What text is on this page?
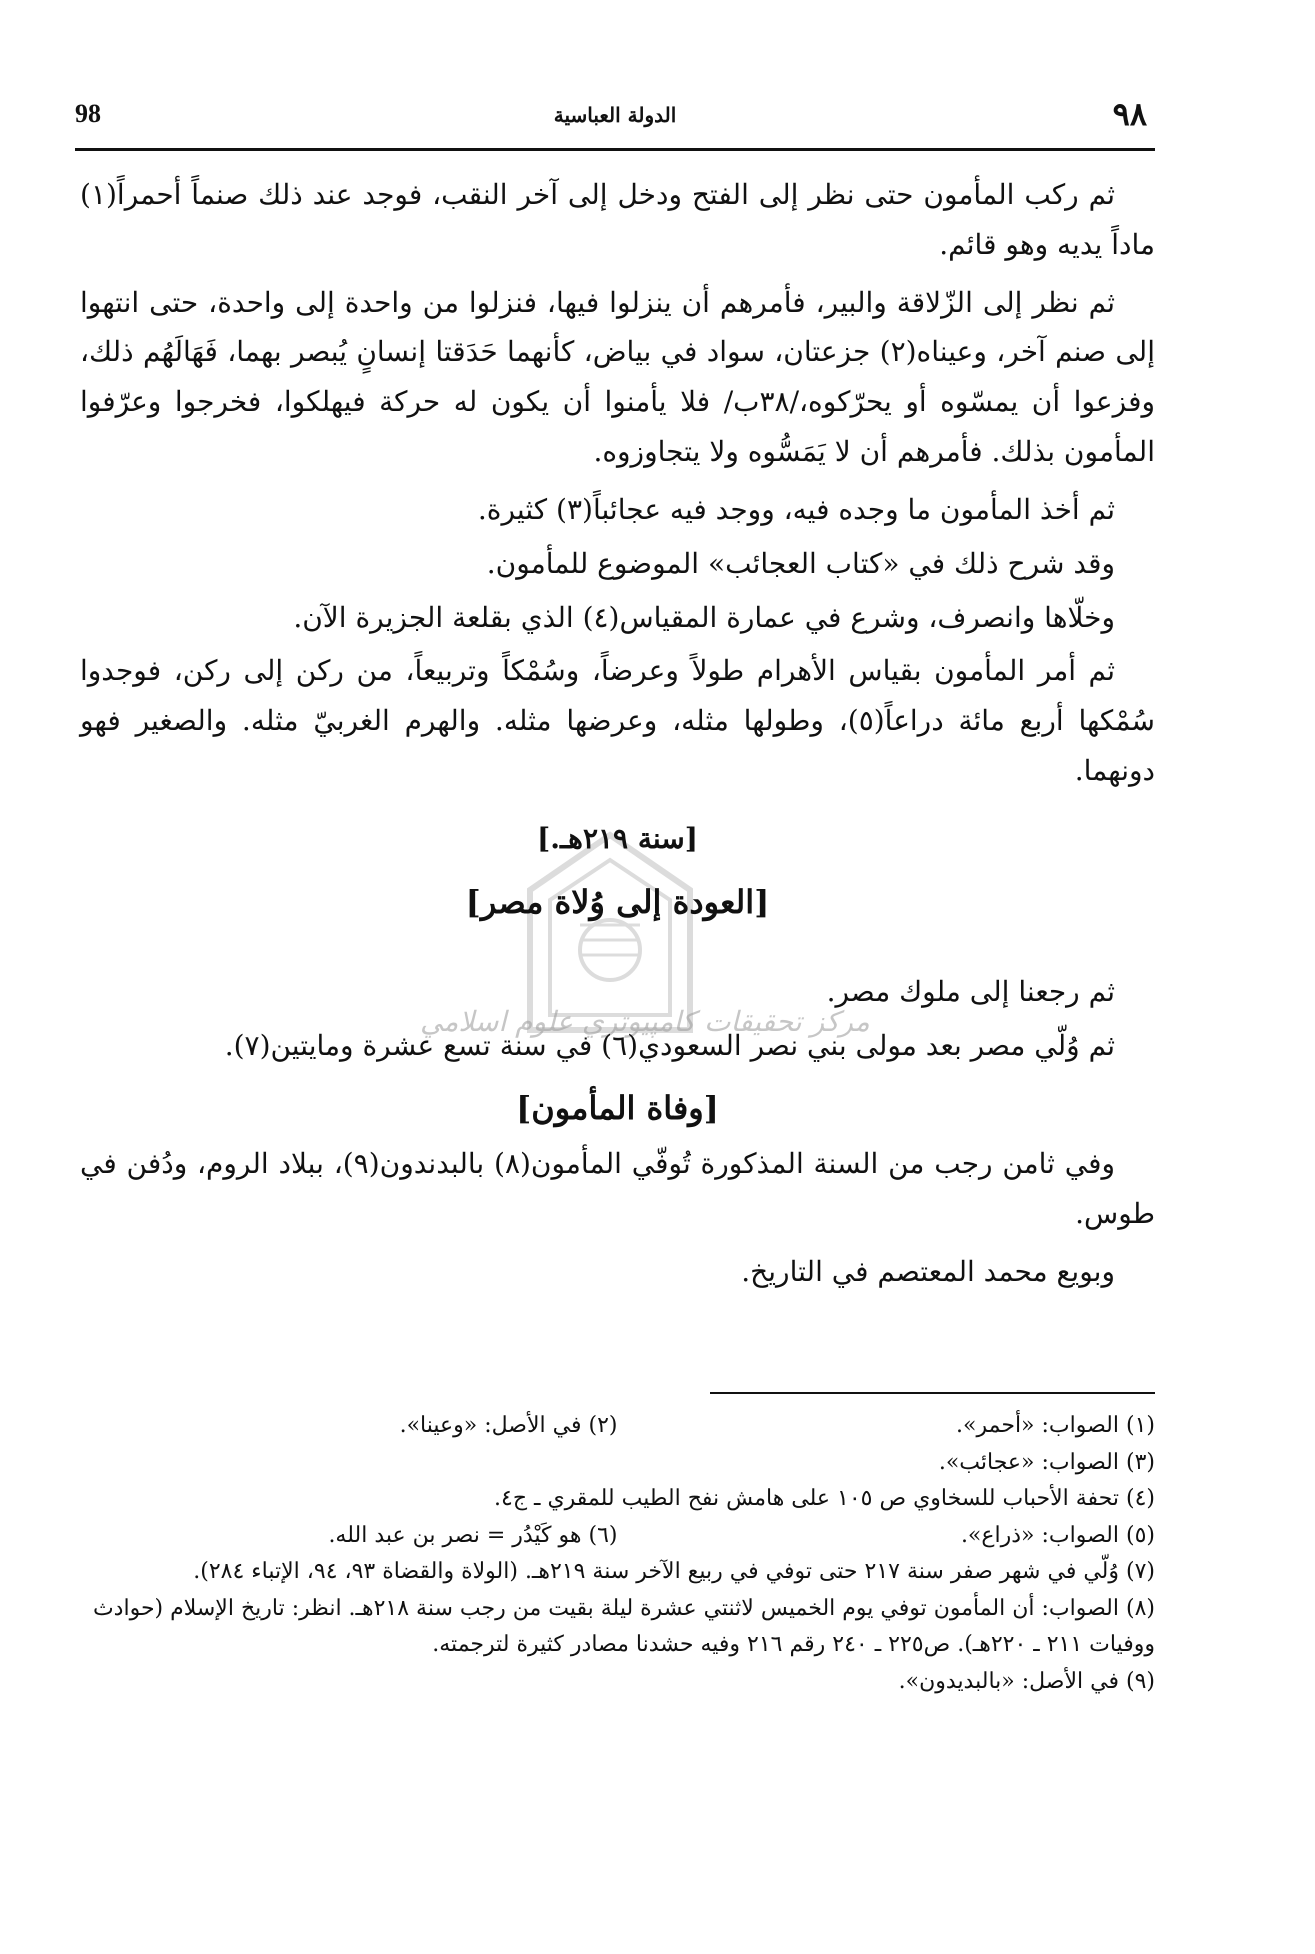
٩٨
الدولة العباسية
98
مركز تحقيقات كامپيوتري علوم اسلامي

ثم ركب المأمون حتى نظر إلى الفتح ودخل إلى آخر النقب، فوجد عند ذلك صنماً أحمراً(١) ماداً يديه وهو قائم.

ثم نظر إلى الزّلاقة والبير، فأمرهم أن ينزلوا فيها، فنزلوا من واحدة إلى واحدة، حتى انتهوا إلى صنم آخر، وعيناه(٢) جزعتان، سواد في بياض، كأنهما حَدَقتا إنسانٍ يُبصر بهما، فَهَالَهُم ذلك، وفزعوا أن يمسّوه أو يحرّكوه،/٣٨ب/ فلا يأمنوا أن يكون له حركة فيهلكوا، فخرجوا وعرّفوا المأمون بذلك. فأمرهم أن لا يَمَسُّوه ولا يتجاوزوه.

ثم أخذ المأمون ما وجده فيه، ووجد فيه عجائباً(٣) كثيرة.

وقد شرح ذلك في «كتاب العجائب» الموضوع للمأمون.

وخلّاها وانصرف، وشرع في عمارة المقياس(٤) الذي بقلعة الجزيرة الآن.

ثم أمر المأمون بقياس الأهرام طولاً وعرضاً، وسُمْكاً وتربيعاً، من ركن إلى ركن، فوجدوا سُمْكها أربع مائة دراعاً(٥)، وطولها مثله، وعرضها مثله. والهرم الغربيّ مثله. والصغير فهو دونهما.

[سنة ٢١٩هـ.]
[العودة إلى وُلاة مصر]

ثم رجعنا إلى ملوك مصر.

ثم وُلّي مصر بعد مولى بني نصر السعودي(٦) في سنة تسع عشرة ومايتين(٧).

[وفاة المأمون]

وفي ثامن رجب من السنة المذكورة تُوفّي المأمون(٨) بالبدندون(٩)، ببلاد الروم، ودُفن في طوس.

وبويع محمد المعتصم في التاريخ.

(١) الصواب: «أحمر».

(٢) في الأصل: «وعينا».

(٣) الصواب: «عجائب».

(٤) تحفة الأحباب للسخاوي ص ١٠٥ على هامش نفح الطيب للمقري ـ ج٤.

(٥) الصواب: «ذراع».

(٦) هو كَيْدُر = نصر بن عبد الله.

(٧) وُلّي في شهر صفر سنة ٢١٧ حتى توفي في ربيع الآخر سنة ٢١٩هـ. (الولاة والقضاة ٩٣، ٩٤، الإتباء ٢٨٤).

(٨) الصواب: أن المأمون توفي يوم الخميس لاثنتي عشرة ليلة بقيت من رجب سنة ٢١٨هـ. انظر: تاريخ الإسلام (حوادث ووفيات ٢١١ ـ ٢٢٠هـ). ص٢٢٥ ـ ٢٤٠ رقم ٢١٦ وفيه حشدنا مصادر كثيرة لترجمته.

(٩) في الأصل: «بالبديدون».
